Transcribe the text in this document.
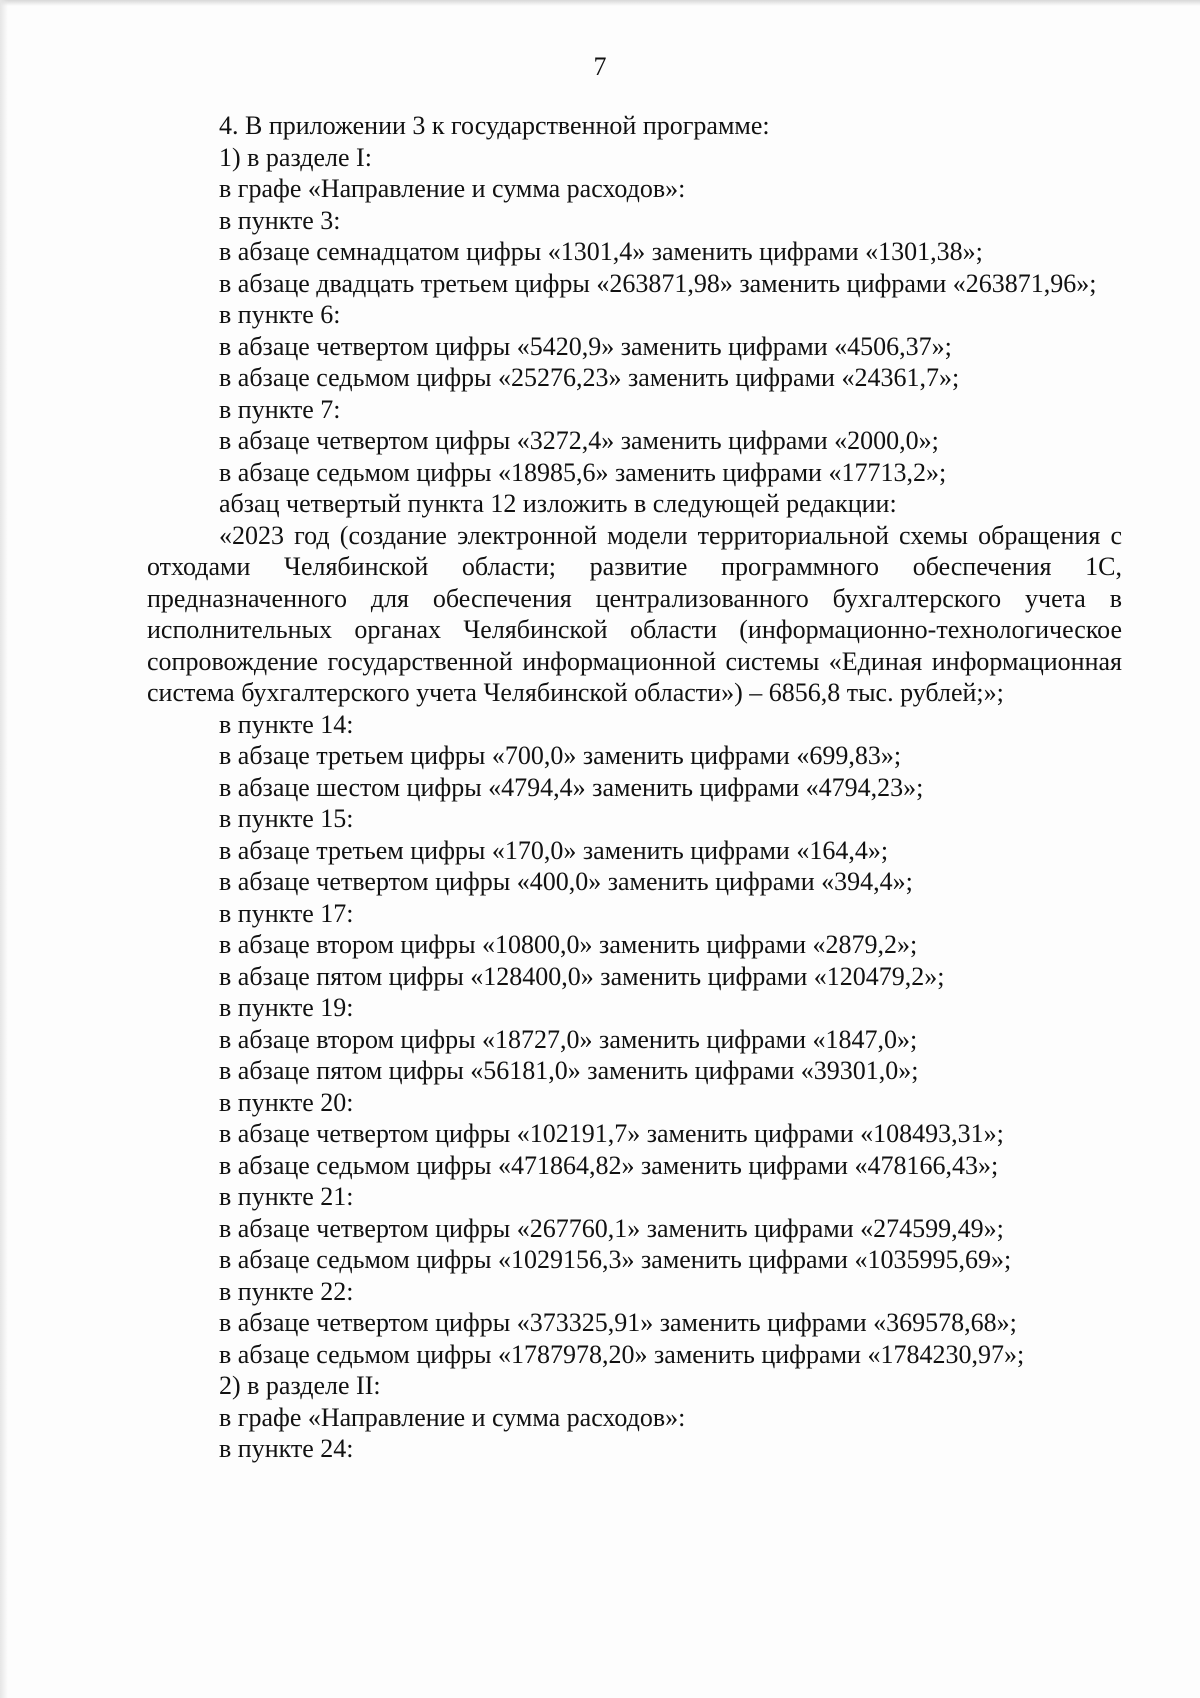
7

4. В приложении 3 к государственной программе:

1) в разделе I:

в графе «Направление и сумма расходов»:

в пункте 3:

в абзаце семнадцатом цифры «1301,4» заменить цифрами «1301,38»;

в абзаце двадцать третьем цифры «263871,98» заменить цифрами «263871,96»;

в пункте 6:

в абзаце четвертом цифры «5420,9» заменить цифрами «4506,37»;

в абзаце седьмом цифры «25276,23» заменить цифрами «24361,7»;

в пункте 7:

в абзаце четвертом цифры «3272,4» заменить цифрами «2000,0»;

в абзаце седьмом цифры «18985,6» заменить цифрами «17713,2»;

абзац четвертый пункта 12 изложить в следующей редакции:

«2023 год (создание электронной модели территориальной схемы обращения с отходами Челябинской области; развитие программного обеспечения 1С, предназначенного для обеспечения централизованного бухгалтерского учета в исполнительных органах Челябинской области (информационно-технологическое сопровождение государственной информационной системы «Единая информационная система бухгалтерского учета Челябинской области») – 6856,8 тыс. рублей;»;

в пункте 14:

в абзаце третьем цифры «700,0» заменить цифрами «699,83»;

в абзаце шестом цифры «4794,4» заменить цифрами «4794,23»;

в пункте 15:

в абзаце третьем цифры «170,0» заменить цифрами «164,4»;

в абзаце четвертом цифры «400,0» заменить цифрами «394,4»;

в пункте 17:

в абзаце втором цифры «10800,0» заменить цифрами «2879,2»;

в абзаце пятом цифры «128400,0» заменить цифрами «120479,2»;

в пункте 19:

в абзаце втором цифры «18727,0» заменить цифрами «1847,0»;

в абзаце пятом цифры «56181,0» заменить цифрами «39301,0»;

в пункте 20:

в абзаце четвертом цифры «102191,7» заменить цифрами «108493,31»;

в абзаце седьмом цифры «471864,82» заменить цифрами «478166,43»;

в пункте 21:

в абзаце четвертом цифры «267760,1» заменить цифрами «274599,49»;

в абзаце седьмом цифры «1029156,3» заменить цифрами «1035995,69»;

в пункте 22:

в абзаце четвертом цифры «373325,91» заменить цифрами «369578,68»;

в абзаце седьмом цифры «1787978,20» заменить цифрами «1784230,97»;

2) в разделе II:

в графе «Направление и сумма расходов»:

в пункте 24:
